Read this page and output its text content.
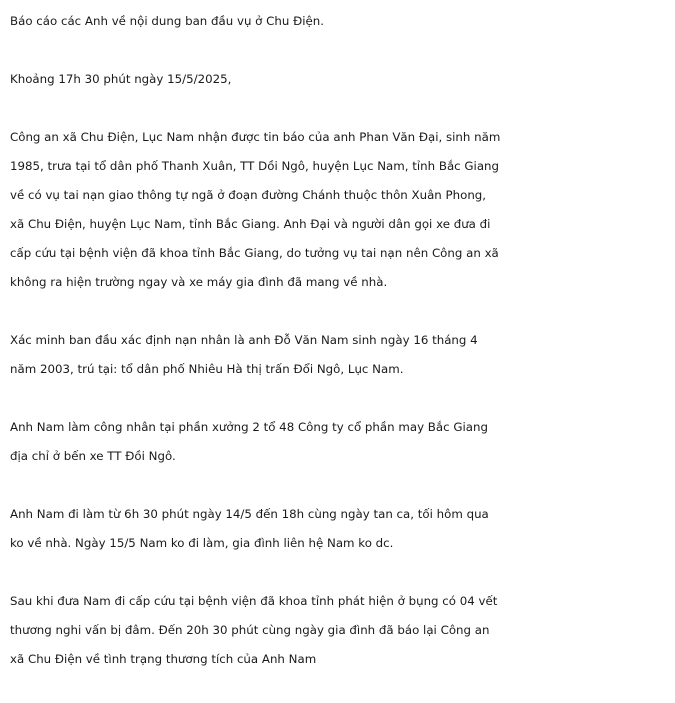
Báo cáo các Anh về nội dung ban đầu vụ ở Chu Điện.
Khoảng 17h 30 phút ngày 15/5/2025,
Công an xã Chu Điện, Lục Nam nhận được tin báo của anh Phan Văn Đại, sinh năm
1985, trưa tại tổ dân phố Thanh Xuân, TT Dồi Ngô, huyện Lục Nam, tỉnh Bắc Giang
về có vụ tai nạn giao thông tự ngã ở đoạn đường Chánh thuộc thôn Xuân Phong,
xã Chu Điện, huyện Lục Nam, tỉnh Bắc Giang. Anh Đại và người dân gọi xe đưa đi
cấp cứu tại bệnh viện đã khoa tỉnh Bắc Giang, do tưởng vụ tai nạn nên Công an xã
không ra hiện trường ngay và xe máy gia đình đã mang về nhà.
Xác minh ban đầu xác định nạn nhân là anh Đỗ Văn Nam sinh ngày 16 tháng 4
năm 2003, trú tại: tổ dân phố Nhiêu Hà thị trấn Đổi Ngô, Lục Nam.
Anh Nam làm công nhân tại phần xưởng 2 tổ 48 Công ty cổ phần may Bắc Giang
địa chỉ ở bến xe TT Đồi Ngô.
Anh Nam đi làm từ 6h 30 phút ngày 14/5 đến 18h cùng ngày tan ca, tối hôm qua
ko về nhà. Ngày 15/5 Nam ko đi làm, gia đình liên hệ Nam ko dc.
Sau khi đưa Nam đi cấp cứu tại bệnh viện đã khoa tỉnh phát hiện ở bụng có 04 vết
thương nghi vấn bị đâm. Đến 20h 30 phút cùng ngày gia đình đã báo lại Công an
xã Chu Điện về tình trạng thương tích của Anh Nam
